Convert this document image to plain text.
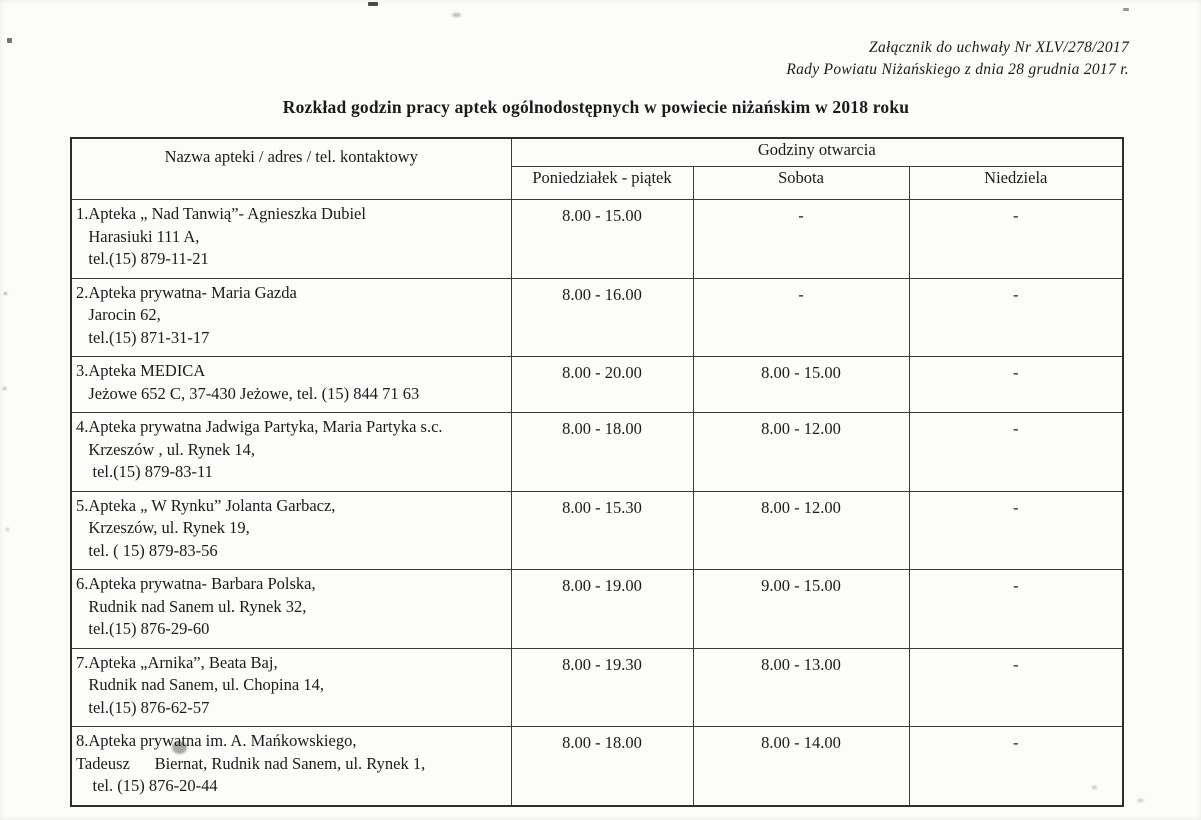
Załącznik do uchwały Nr XLV/278/2017
Rady Powiatu Niżańskiego z dnia 28 grudnia 2017 r.
Rozkład godzin pracy aptek ogólnodostępnych w powiecie niżańskim w 2018 roku
Nazwa apteki / adres / tel. kontaktowy	Godziny otwarcia		
	Poniedziałek - piątek	Sobota	Niedziela

1.Apteka „ Nad Tanwią”- Agnieszka Dubiel
Harasiuki 111 A,
tel.(15) 879-11-21	8.00 - 15.00	-	-

2.Apteka prywatna- Maria Gazda
Jarocin 62,
tel.(15) 871-31-17	8.00 - 16.00	-	-

3.Apteka MEDICA
Jeżowe 652 C, 37-430 Jeżowe, tel. (15) 844 71 63	8.00 - 20.00	8.00 - 15.00	-

4.Apteka prywatna Jadwiga Partyka, Maria Partyka s.c.
Krzeszów , ul. Rynek 14,
tel.(15) 879-83-11	8.00 - 18.00	8.00 - 12.00	-

5.Apteka „ W Rynku” Jolanta Garbacz,
Krzeszów, ul. Rynek 19,
tel. ( 15) 879-83-56	8.00 - 15.30	8.00 - 12.00	-

6.Apteka prywatna- Barbara Polska,
Rudnik nad Sanem ul. Rynek 32,
tel.(15) 876-29-60	8.00 - 19.00	9.00 - 15.00	-

7.Apteka „Arnika”, Beata Baj,
Rudnik nad Sanem, ul. Chopina 14,
tel.(15) 876-62-57	8.00 - 19.30	8.00 - 13.00	-

8.Apteka prywatna im. A. Mańkowskiego,
Tadeusz      Biernat, Rudnik nad Sanem, ul. Rynek 1,
tel. (15) 876-20-44	8.00 - 18.00	8.00 - 14.00	-
